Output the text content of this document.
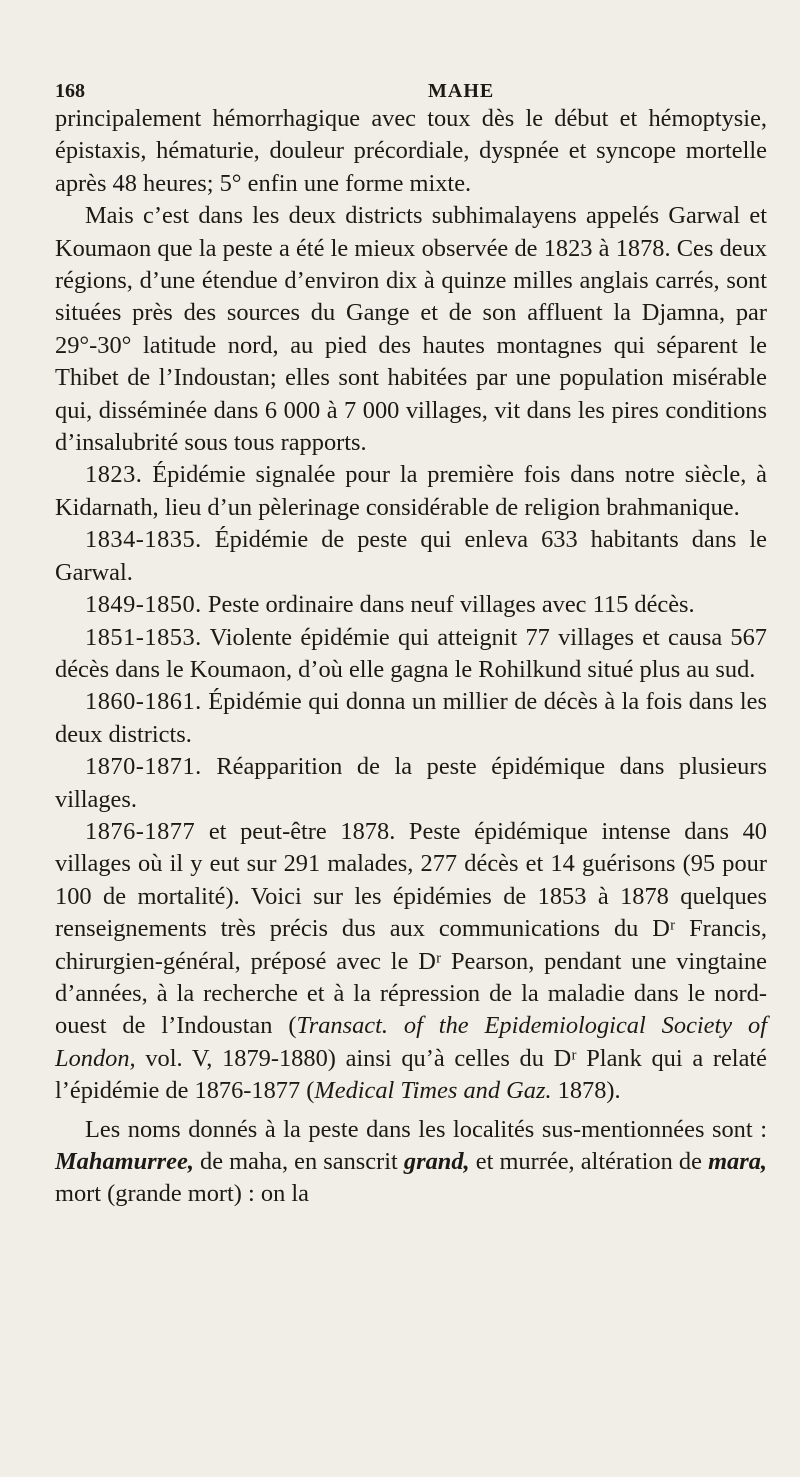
168	MAHE

principalement hémorrhagique avec toux dès le début et hémoptysie, épistaxis, hématurie, douleur précordiale, dyspnée et syncope mortelle après 48 heures; 5° enfin une forme mixte.

Mais c’est dans les deux districts subhimalayens appelés Garwal et Koumaon que la peste a été le mieux observée de 1823 à 1878. Ces deux régions, d’une étendue d’environ dix à quinze milles anglais carrés, sont situées près des sources du Gange et de son affluent la Djamna, par 29°-30° latitude nord, au pied des hautes montagnes qui séparent le Thibet de l’Indoustan; elles sont habitées par une population misérable qui, disséminée dans 6 000 à 7 000 villages, vit dans les pires conditions d’insalubrité sous tous rapports.

1823. Épidémie signalée pour la première fois dans notre siècle, à Kidarnath, lieu d’un pèlerinage considérable de religion brahmanique.

1834-1835. Épidémie de peste qui enleva 633 habitants dans le Garwal.

1849-1850. Peste ordinaire dans neuf villages avec 115 décès.

1851-1853. Violente épidémie qui atteignit 77 villages et causa 567 décès dans le Koumaon, d’où elle gagna le Rohilkund situé plus au sud.

1860-1861. Épidémie qui donna un millier de décès à la fois dans les deux districts.

1870-1871. Réapparition de la peste épidémique dans plusieurs villages.

1876-1877 et peut-être 1878. Peste épidémique intense dans 40 villages où il y eut sur 291 malades, 277 décès et 14 guérisons (95 pour 100 de mortalité). Voici sur les épidémies de 1853 à 1878 quelques renseignements très précis dus aux communications du Dʳ Francis, chirurgien-général, préposé avec le Dʳ Pearson, pendant une vingtaine d’années, à la recherche et à la répression de la maladie dans le nord-ouest de l’Indoustan (Transact. of the Epidemiological Society of London, vol. V, 1879-1880) ainsi qu’à celles du Dʳ Plank qui a relaté l’épidémie de 1876-1877 (Medical Times and Gaz. 1878).

Les noms donnés à la peste dans les localités sus-mentionnées sont : Mahamurree, de maha, en sanscrit grand, et murrée, altération de mara, mort (grande mort) : on la
